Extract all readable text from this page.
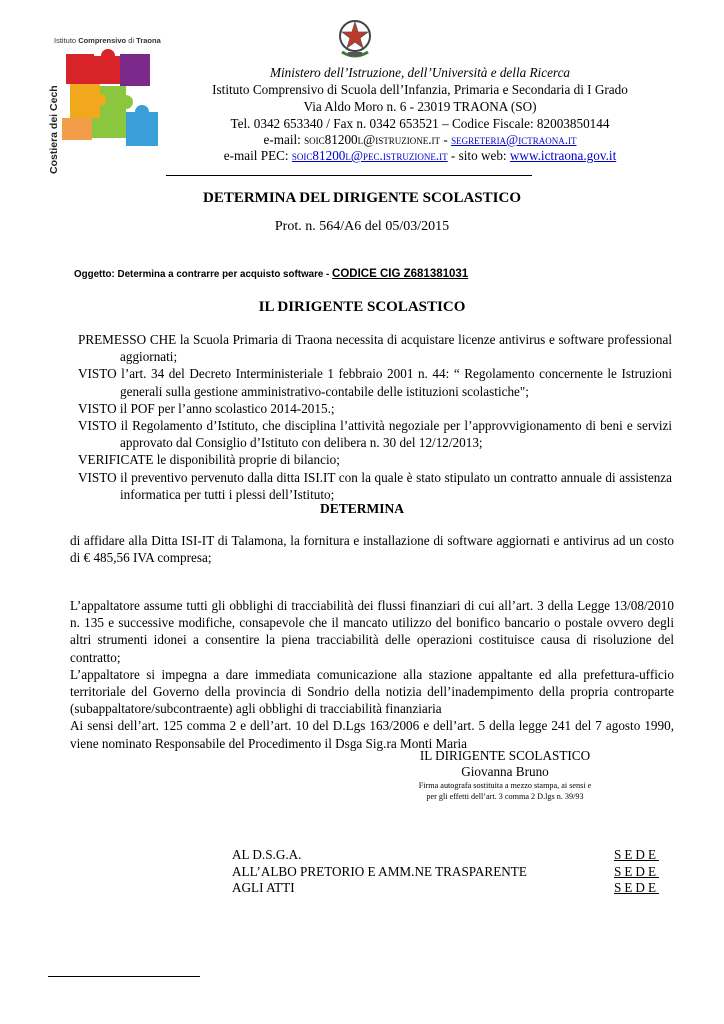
Istituto Comprensivo di Traona
Costiera dei Cech
Ministero dell’Istruzione, dell’Università e della Ricerca
Istituto Comprensivo di Scuola dell’Infanzia, Primaria e Secondaria di I Grado
Via Aldo Moro n. 6 - 23019 TRAONA (SO)
Tel. 0342 653340 / Fax n. 0342 653521 – Codice Fiscale: 82003850144
e-mail: soic81200l@istruzione.it - segreteria@ictraona.it
e-mail PEC: soic81200l@pec.istruzione.it - sito web: www.ictraona.gov.it
DETERMINA DEL DIRIGENTE SCOLASTICO
Prot. n. 564/A6 del 05/03/2015
Oggetto: Determina a contrarre per acquisto software - CODICE CIG Z681381031
IL DIRIGENTE SCOLASTICO
PREMESSO CHE la Scuola Primaria di Traona necessita di acquistare licenze antivirus e software professional aggiornati;
VISTO l’art. 34 del Decreto Interministeriale 1 febbraio 2001 n. 44: “ Regolamento concernente le Istruzioni generali sulla gestione amministrativo-contabile delle istituzioni scolastiche";
VISTO il POF per l’anno scolastico 2014-2015.;
VISTO il Regolamento d’Istituto, che disciplina l’attività negoziale per l’approvvigionamento di beni e servizi approvato dal Consiglio d’Istituto con delibera n. 30 del 12/12/2013;
VERIFICATE le disponibilità proprie di bilancio;
VISTO il preventivo pervenuto dalla ditta ISI.IT con la quale è stato stipulato un contratto annuale di assistenza informatica per tutti i plessi dell’Istituto;
DETERMINA
di affidare alla Ditta ISI-IT di Talamona, la fornitura e installazione di software aggiornati e antivirus ad un costo di € 485,56 IVA compresa;
L’appaltatore assume tutti gli obblighi di tracciabilità dei flussi finanziari di cui all’art. 3 della Legge 13/08/2010 n. 135 e successive modifiche, consapevole che il mancato utilizzo del bonifico bancario o postale ovvero degli altri strumenti idonei a consentire la piena tracciabilità delle operazioni costituisce causa di risoluzione del contratto;
L’appaltatore si impegna a dare immediata comunicazione alla stazione appaltante ed alla prefettura-ufficio territoriale del Governo della provincia di Sondrio della notizia dell’inadempimento della propria controparte (subappaltatore/subcontraente) agli obblighi di tracciabilità finanziaria
Ai sensi dell’art. 125 comma 2 e dell’art. 10 del D.Lgs 163/2006 e dell’art. 5 della legge 241 del 7 agosto 1990, viene nominato Responsabile del Procedimento il Dsga Sig.ra Monti Maria
IL DIRIGENTE SCOLASTICO
Giovanna Bruno
Firma autografa sostituita a mezzo stampa, ai sensi e
per gli effetti dell’art. 3 comma 2 D.lgs n. 39/93
AL D.S.G.A.	SEDE
ALL’ALBO PRETORIO E AMM.NE TRASPARENTE	SEDE
AGLI ATTI	SEDE
